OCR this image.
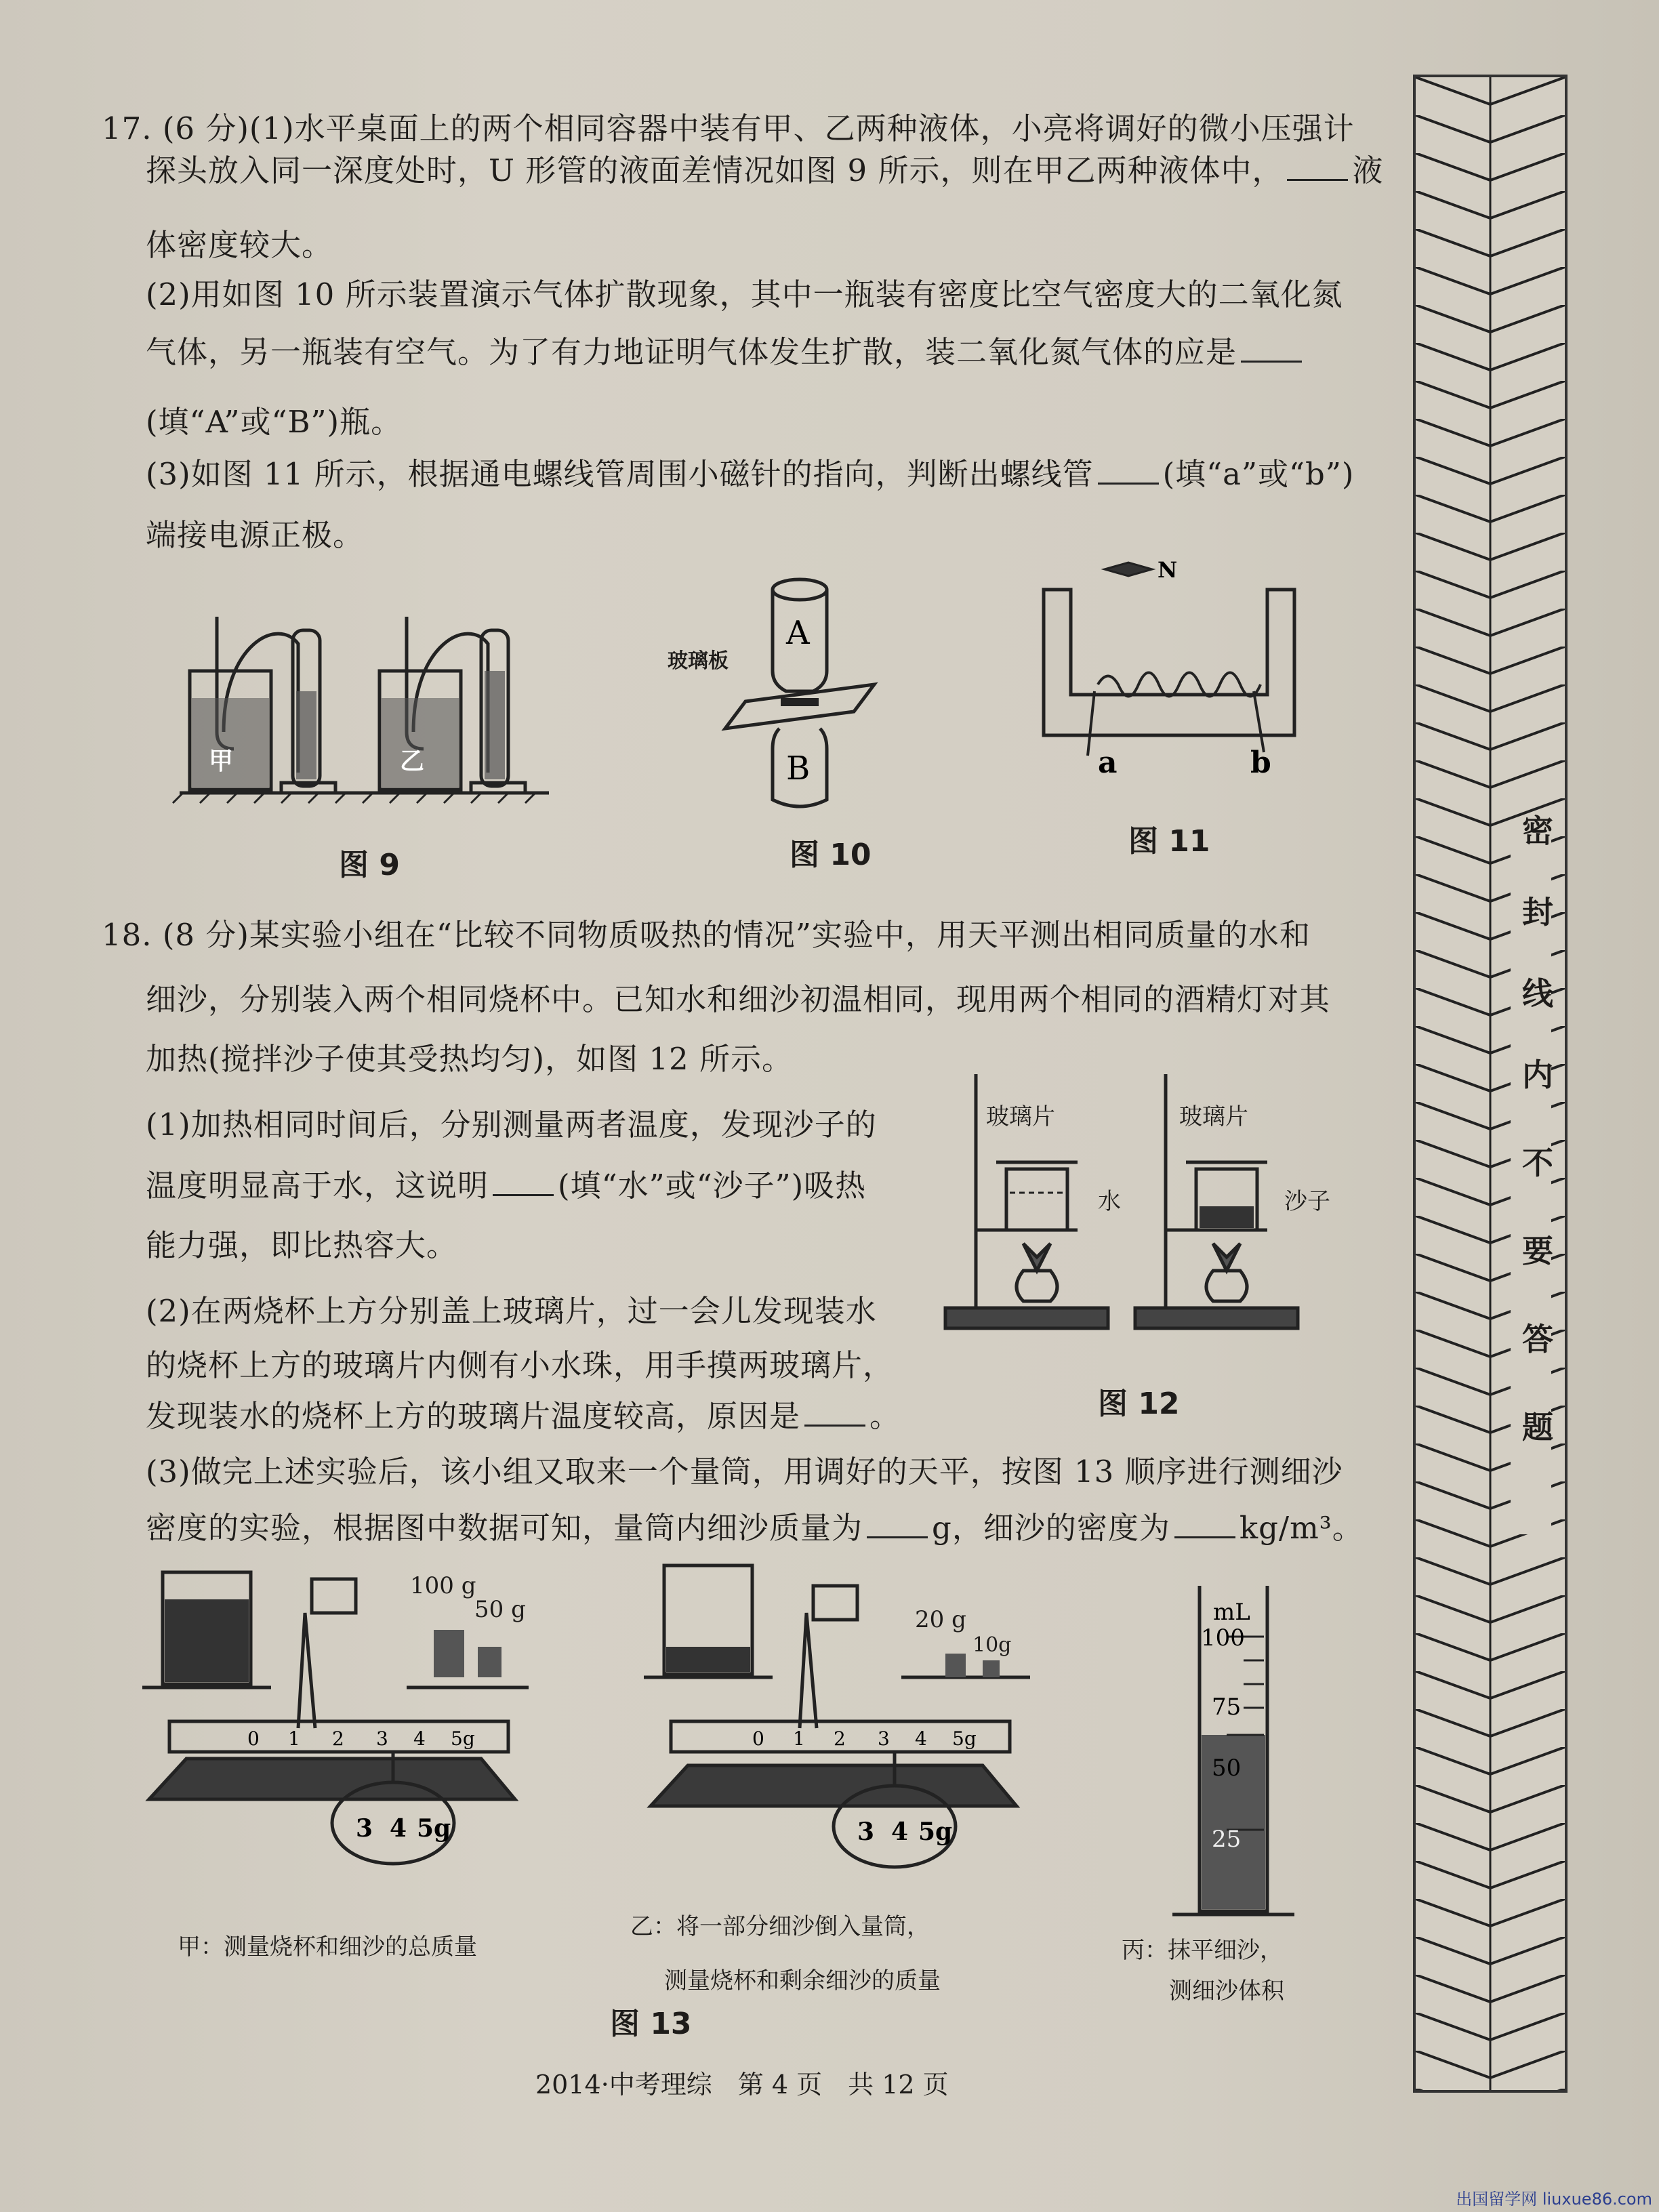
17. (6 分)(1)水平桌面上的两个相同容器中装有甲、乙两种液体，小亮将调好的微小压强计
探头放入同一深度处时，U 形管的液面差情况如图 9 所示，则在甲乙两种液体中， 液
体密度较大。
(2)用如图 10 所示装置演示气体扩散现象，其中一瓶装有密度比空气密度大的二氧化氮
气体，另一瓶装有空气。为了有力地证明气体发生扩散，装二氧化氮气体的应是
(填“A”或“B”)瓶。
(3)如图 11 所示，根据通电螺线管周围小磁针的指向，判断出螺线管 (填“a”或“b”)
端接电源正极。
甲	乙
图 9
A
B
玻璃板
图 10
N
a	b
图 11
18. (8 分)某实验小组在“比较不同物质吸热的情况”实验中，用天平测出相同质量的水和
细沙，分别装入两个相同烧杯中。已知水和细沙初温相同，现用两个相同的酒精灯对其
加热(搅拌沙子使其受热均匀)，如图 12 所示。
(1)加热相同时间后，分别测量两者温度，发现沙子的
温度明显高于水，这说明 (填“水”或“沙子”)吸热
能力强，即比热容大。
(2)在两烧杯上方分别盖上玻璃片，过一会儿发现装水
的烧杯上方的玻璃片内侧有小水珠，用手摸两玻璃片，
发现装水的烧杯上方的玻璃片温度较高，原因是 。
(3)做完上述实验后，该小组又取来一个量筒，用调好的天平，按图 13 顺序进行测细沙
密度的实验，根据图中数据可知，量筒内细沙质量为 g，细沙的密度为 kg/m³。
玻璃片	玻璃片
水	沙子
图 12
0 1 2 3 4 5g
3 4 5g
100 g
50 g
甲：测量烧杯和细沙的总质量
0 1 2 3 4 5g
3 4 5g
20 g
10g
乙：将一部分细沙倒入量筒，
测量烧杯和剩余细沙的质量
mL
100
75
50
25
丙：抹平细沙，
测细沙体积
图 13
密
封
线
内
不
要
答
题
2014·中考理综　第 4 页　共 12 页
出国留学网 liuxue86.com
